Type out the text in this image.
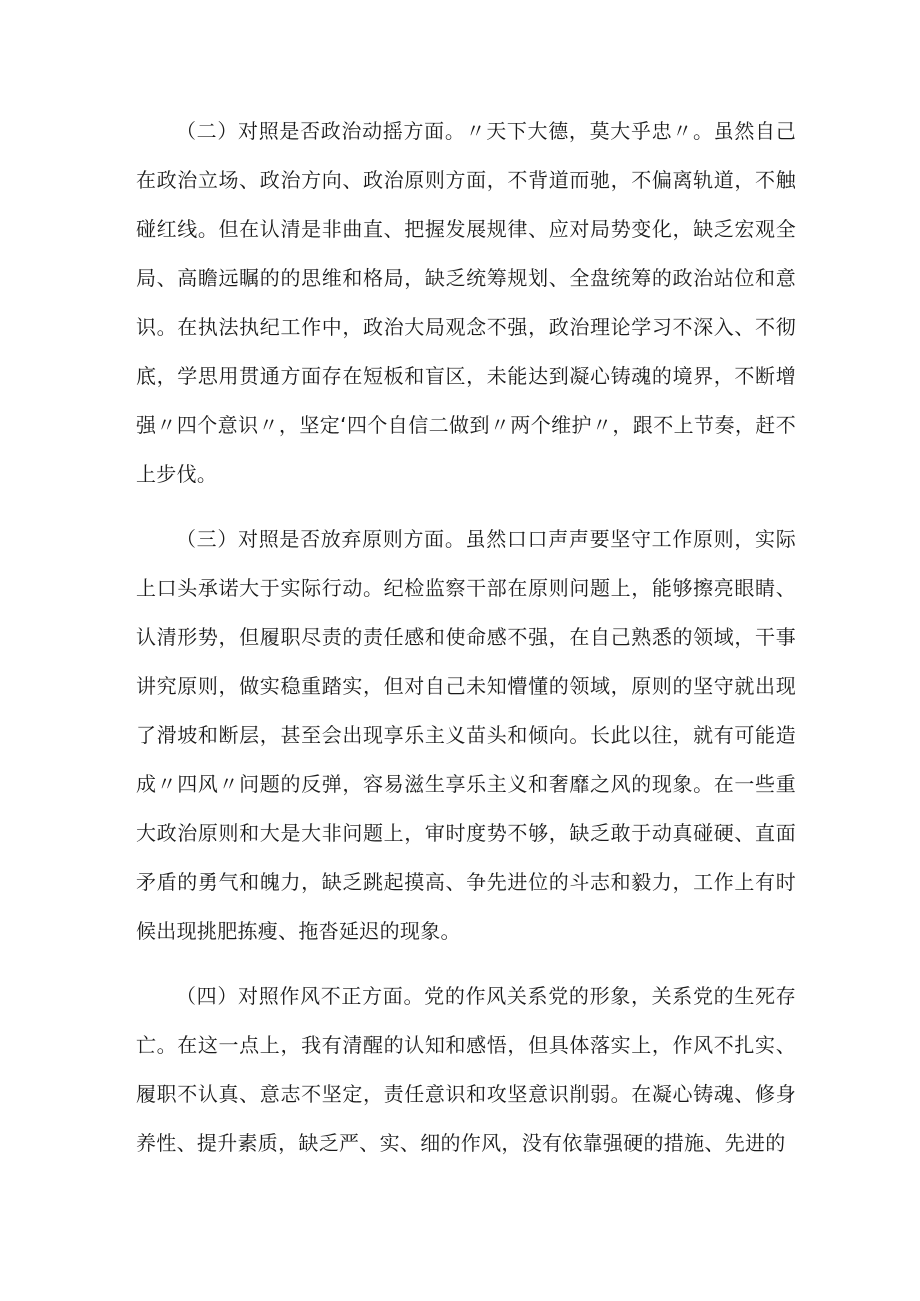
（二）对照是否政治动摇方面。〃天下大德，莫大乎忠〃。虽然自己在政治立场、政治方向、政治原则方面，不背道而驰，不偏离轨道，不触碰红线。但在认清是非曲直、把握发展规律、应对局势变化，缺乏宏观全局、高瞻远瞩的的思维和格局，缺乏统筹规划、全盘统筹的政治站位和意识。在执法执纪工作中，政治大局观念不强，政治理论学习不深入、不彻底，学思用贯通方面存在短板和盲区，未能达到凝心铸魂的境界，不断增强〃四个意识〃，坚定‘四个自信二做到〃两个维护〃，跟不上节奏，赶不上步伐。

（三）对照是否放弃原则方面。虽然口口声声要坚守工作原则，实际上口头承诺大于实际行动。纪检监察干部在原则问题上，能够擦亮眼睛、认清形势，但履职尽责的责任感和使命感不强，在自己熟悉的领域，干事讲究原则，做实稳重踏实，但对自己未知懵懂的领域，原则的坚守就出现了滑坡和断层，甚至会出现享乐主义苗头和倾向。长此以往，就有可能造成〃四风〃问题的反弹，容易滋生享乐主义和奢靡之风的现象。在一些重大政治原则和大是大非问题上，审时度势不够，缺乏敢于动真碰硬、直面矛盾的勇气和魄力，缺乏跳起摸高、争先进位的斗志和毅力，工作上有时候出现挑肥拣瘦、拖沓延迟的现象。

（四）对照作风不正方面。党的作风关系党的形象，关系党的生死存亡。在这一点上，我有清醒的认知和感悟，但具体落实上，作风不扎实、履职不认真、意志不坚定，责任意识和攻坚意识削弱。在凝心铸魂、修身养性、提升素质，缺乏严、实、细的作风，没有依靠强硬的措施、先进的
